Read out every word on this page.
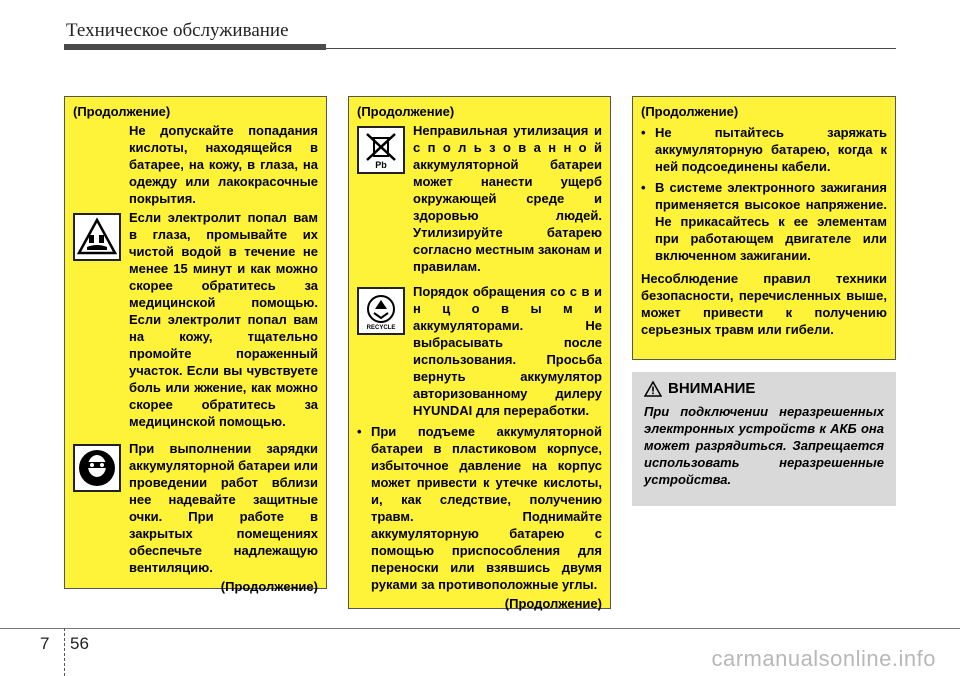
Техническое обслуживание
(Продолжение)
Не допускайте попадания кислоты, находящейся в батарее, на кожу, в глаза, на одежду или лакокрасочные покрытия.
Если электролит попал вам в глаза, промывайте их чистой водой в течение не менее 15 минут и как можно скорее обратитесь за медицинской помощью. Если электролит попал вам на кожу, тщательно промойте пораженный участок. Если вы чувствуете боль или жжение, как можно скорее обратитесь за медицинской помощью.
При выполнении зарядки аккумуляторной батареи или проведении работ вблизи нее надевайте защитные очки. При работе в закрытых помещениях обеспечьте надлежащую вентиляцию.
(Продолжение)
(Продолжение)
Pb
Неправильная утилизация и с п о л ь з о в а н н о й аккумуляторной батареи может нанести ущерб окружающей среде и здоровью людей. Утилизируйте батарею согласно местным законам и правилам.
RECYCLE
Порядок обращения со с в и н ц о в ы м и аккумуляторами. Не выбрасывать после использования. Просьба вернуть аккумулятор авторизованному дилеру HYUNDAI для переработки.
• При подъеме аккумуляторной батареи в пластиковом корпусе, избыточное давление на корпус может привести к утечке кислоты, и, как следствие, получению травм. Поднимайте аккумуляторную батарею с помощью приспособления для переноски или взявшись двумя руками за противоположные углы.
(Продолжение)
(Продолжение)
• Не пытайтесь заряжать аккумуляторную батарею, когда к ней подсоединены кабели.
• В системе электронного зажигания применяется высокое напряжение. Не прикасайтесь к ее элементам при работающем двигателе или включенном зажигании.
Несоблюдение правил техники безопасности, перечисленных выше, может привести к получению серьезных травм или гибели.
ВНИМАНИЕ
При подключении неразрешенных электронных устройств к АКБ она может разрядиться. Запрещается использовать неразрешенные устройства.
7 56
carmanualsonline.info
